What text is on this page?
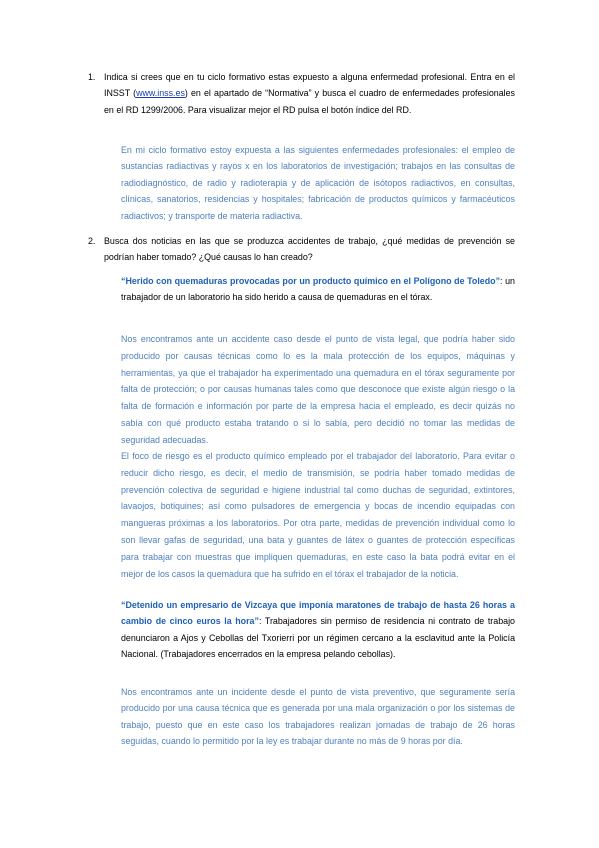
1. Indica si crees que en tu ciclo formativo estas expuesto a alguna enfermedad profesional. Entra en el INSST (www.inss.es) en el apartado de “Normativa” y busca el cuadro de enfermedades profesionales en el RD 1299/2006. Para visualizar mejor el RD pulsa el botón índice del RD.
En mi ciclo formativo estoy expuesta a las siguientes enfermedades profesionales: el empleo de sustancias radiactivas y rayos x en los laboratorios de investigación; trabajos en las consultas de radiodiagnóstico, de radio y radioterapia y de aplicación de isótopos radiactivos, en consultas, clínicas, sanatorios, residencias y hospitales; fabricación de productos químicos y farmacéuticos radiactivos; y transporte de materia radiactiva.
2. Busca dos noticias en las que se produzca accidentes de trabajo, ¿qué medidas de prevención se podrían haber tomado? ¿Qué causas lo han creado?
“Herido con quemaduras provocadas por un producto químico en el Polígono de Toledo”: un trabajador de un laboratorio ha sido herido a causa de quemaduras en el tórax.
Nos encontramos ante un accidente caso desde el punto de vista legal, que podría haber sido producido por causas técnicas como lo es la mala protección de los equipos, máquinas y herramientas, ya que el trabajador ha experimentado una quemadura en el tórax seguramente por falta de protección; o por causas humanas tales como que desconoce que existe algún riesgo o la falta de formación e información por parte de la empresa hacia el empleado, es decir quizás no sabía con qué producto estaba tratando o si lo sabía, pero decidió no tomar las medidas de seguridad adecuadas.
El foco de riesgo es el producto químico empleado por el trabajador del laboratorio. Para evitar o reducir dicho riesgo, es decir, el medio de transmisión, se podría haber tomado medidas de prevención colectiva de seguridad e higiene industrial tal como duchas de seguridad, extintores, lavaojos, botiquines; así como pulsadores de emergencia y bocas de incendio equipadas con mangueras próximas a los laboratorios. Por otra parte, medidas de prevención individual como lo son llevar gafas de seguridad, una bata y guantes de látex o guantes de protección específicas para trabajar con muestras que impliquen quemaduras, en este caso la bata podrá evitar en el mejor de los casos la quemadura que ha sufrido en el tórax el trabajador de la noticia.
“Detenido un empresario de Vizcaya que imponía maratones de trabajo de hasta 26 horas a cambio de cinco euros la hora”: Trabajadores sin permiso de residencia ni contrato de trabajo denunciaron a Ajos y Cebollas del Txorierri por un régimen cercano a la esclavitud ante la Policía Nacional. (Trabajadores encerrados en la empresa pelando cebollas).
Nos encontramos ante un incidente desde el punto de vista preventivo, que seguramente sería producido por una causa técnica que es generada por una mala organización o por los sistemas de trabajo, puesto que en este caso los trabajadores realizan jornadas de trabajo de 26 horas seguidas, cuando lo permitido por la ley es trabajar durante no más de 9 horas por día.
